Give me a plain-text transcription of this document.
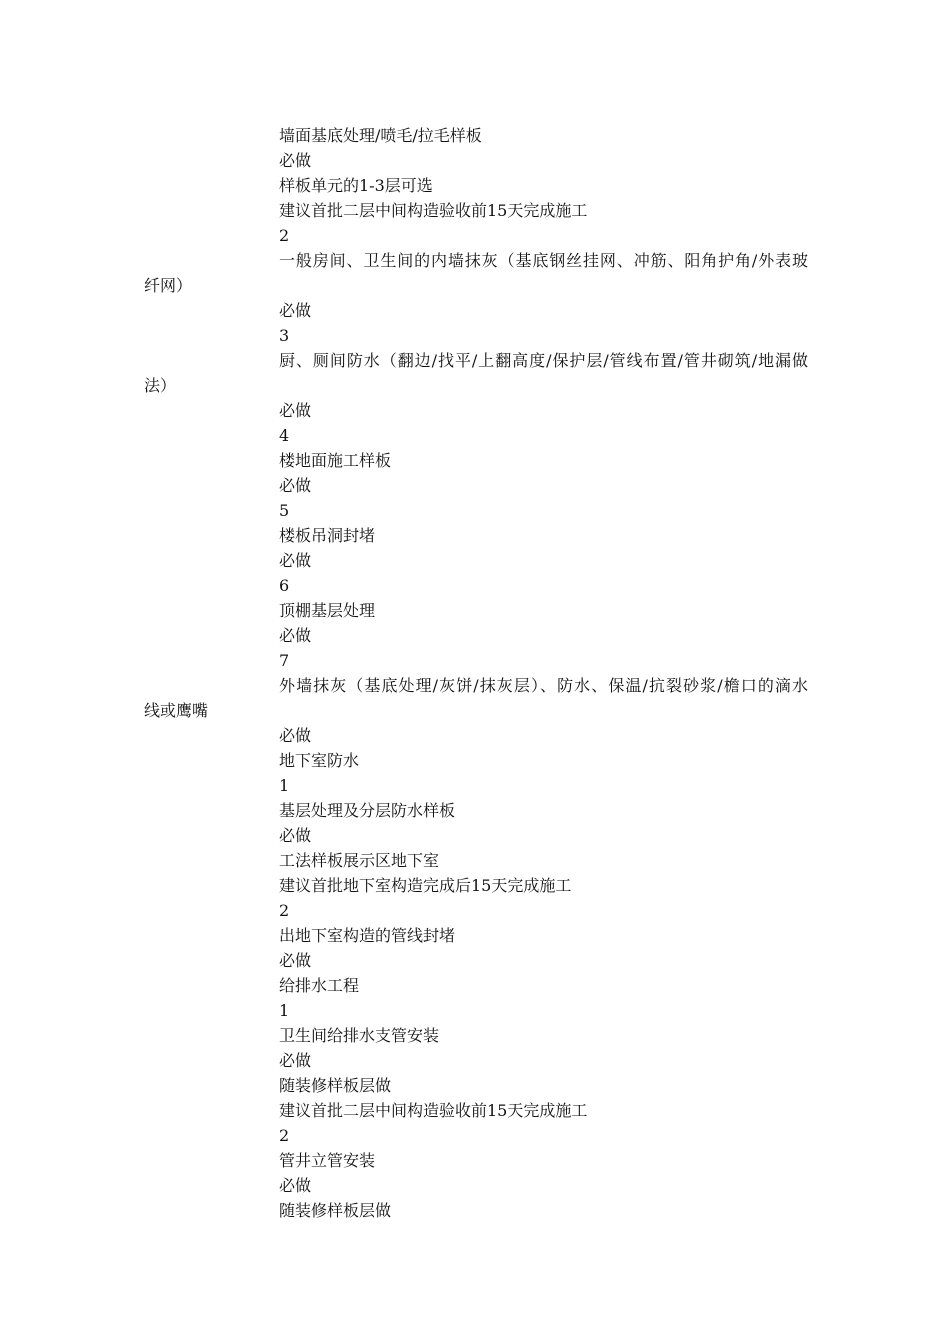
墙面基底处理/喷毛/拉毛样板
必做
样板单元的1-3层可选
建议首批二层中间构造验收前15天完成施工
2
一般房间、卫生间的内墙抹灰（基底钢丝挂网、冲筋、阳角护角/外表玻
纤网）
必做
3
厨、厕间防水（翻边/找平/上翻高度/保护层/管线布置/管井砌筑/地漏做
法）
必做
4
楼地面施工样板
必做
5
楼板吊洞封堵
必做
6
顶棚基层处理
必做
7
外墙抹灰（基底处理/灰饼/抹灰层）、防水、保温/抗裂砂浆/檐口的滴水
线或鹰嘴
必做
地下室防水
1
基层处理及分层防水样板
必做
工法样板展示区地下室
建议首批地下室构造完成后15天完成施工
2
出地下室构造的管线封堵
必做
给排水工程
1
卫生间给排水支管安装
必做
随装修样板层做
建议首批二层中间构造验收前15天完成施工
2
管井立管安装
必做
随装修样板层做
